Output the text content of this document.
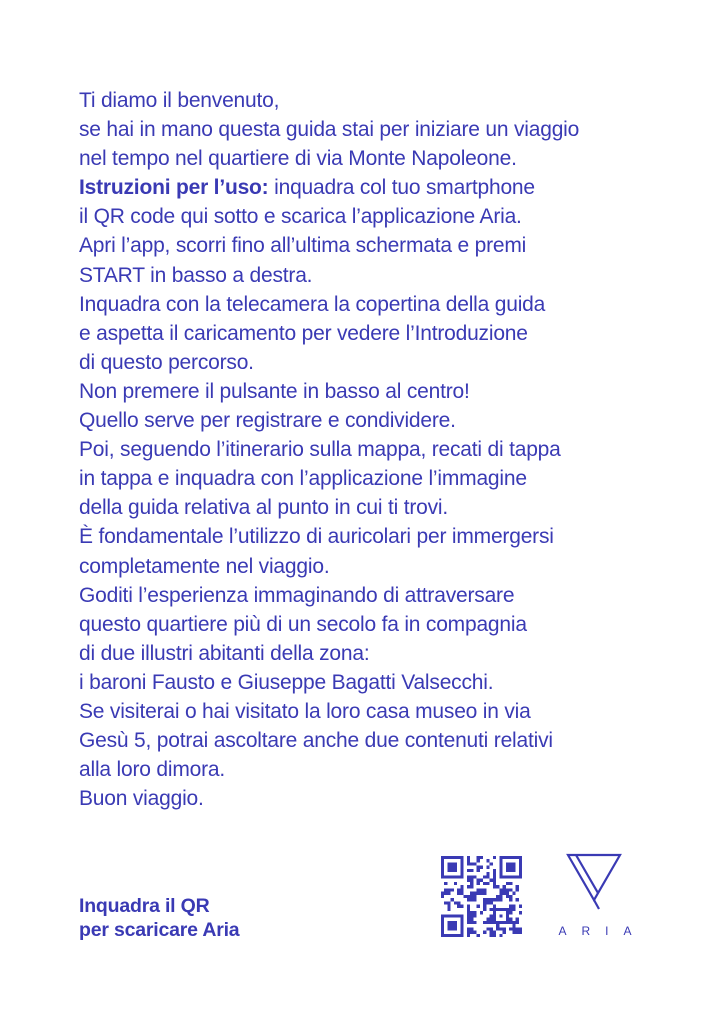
Ti diamo il benvenuto,
se hai in mano questa guida stai per iniziare un viaggio
nel tempo nel quartiere di via Monte Napoleone.
Istruzioni per l’uso: inquadra col tuo smartphone
il QR code qui sotto e scarica l’applicazione Aria.
Apri l’app, scorri fino all’ultima schermata e premi
START in basso a destra.
Inquadra con la telecamera la copertina della guida
e aspetta il caricamento per vedere l’Introduzione
di questo percorso.
Non premere il pulsante in basso al centro!
Quello serve per registrare e condividere.
Poi, seguendo l’itinerario sulla mappa, recati di tappa
in tappa e inquadra con l’applicazione l’immagine
della guida relativa al punto in cui ti trovi.
È fondamentale l’utilizzo di auricolari per immergersi
completamente nel viaggio.
Goditi l’esperienza immaginando di attraversare
questo quartiere più di un secolo fa in compagnia
di due illustri abitanti della zona:
i baroni Fausto e Giuseppe Bagatti Valsecchi.
Se visiterai o hai visitato la loro casa museo in via
Gesù 5, potrai ascoltare anche due contenuti relativi
alla loro dimora.
Buon viaggio.
Inquadra il QR
per scaricare Aria	ARIA
